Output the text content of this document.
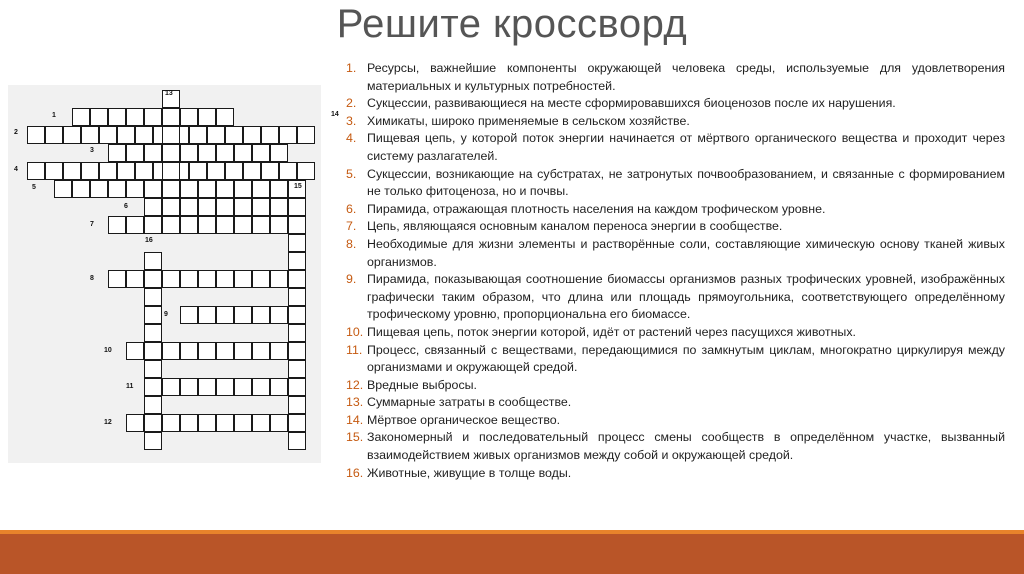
Решите кроссворд
1
2
3
4
5
6
7
8
9
10
11
12
13
14
15
16
1. Ресурсы, важнейшие компоненты окружающей человека среды, используемые для удовлетворения материальных и культурных потребностей.
2. Сукцессии, развивающиеся на месте сформировавшихся биоценозов после их нарушения.
3. Химикаты, широко применяемые в сельском хозяйстве.
4. Пищевая цепь, у которой поток энергии начинается от мёртвого органического вещества и проходит через систему разлагателей.
5. Сукцессии, возникающие на субстратах, не затронутых почвообразованием, и связанные с формированием не только фитоценоза, но и почвы.
6. Пирамида, отражающая плотность населения на каждом трофическом уровне.
7. Цепь, являющаяся основным каналом переноса энергии в сообществе.
8. Необходимые для жизни элементы и растворённые соли, составляющие химическую основу тканей живых организмов.
9. Пирамида, показывающая соотношение биомассы организмов разных трофических уровней, изображённых графически таким образом, что длина или площадь прямоугольника, соответствующего определённому трофическому уровню, пропорциональна его биомассе.
10. Пищевая цепь, поток энергии которой, идёт от растений через пасущихся животных.
11. Процесс, связанный с веществами, передающимися по замкнутым циклам, многократно циркулируя между организмами и окружающей средой.
12. Вредные выбросы.
13. Суммарные затраты в сообществе.
14. Мёртвое органическое вещество.
15. Закономерный и последовательный процесс смены сообществ в определённом участке, вызванный взаимодействием живых организмов между собой и окружающей средой.
16. Животные, живущие в толще воды.
